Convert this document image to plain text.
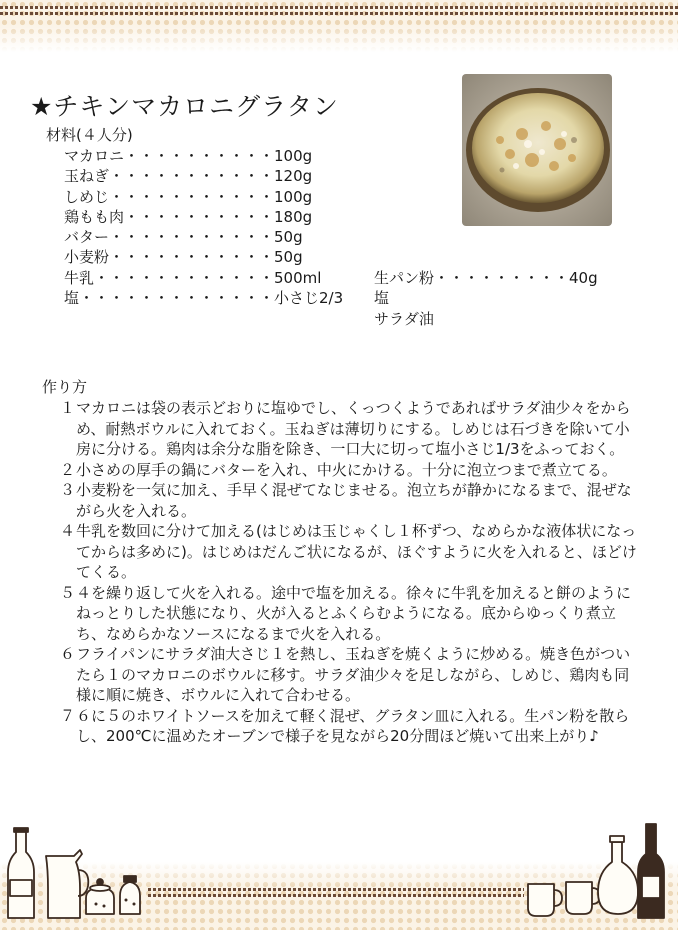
★チキンマカロニグラタン
材料(４人分)
マカロニ・・・・・・・・・・100g
玉ねぎ・・・・・・・・・・・120g
しめじ・・・・・・・・・・・100g
鶏もも肉・・・・・・・・・・180g
バター・・・・・・・・・・・50g
小麦粉・・・・・・・・・・・50g
牛乳・・・・・・・・・・・・500ml
塩・・・・・・・・・・・・・小さじ2/3
生パン粉・・・・・・・・・40g
塩
サラダ油
作り方
１ マカロニは袋の表示どおりに塩ゆでし、くっつくようであればサラダ油少々をからめ、耐熱ボウルに入れておく。玉ねぎは薄切りにする。しめじは石づきを除いて小房に分ける。鶏肉は余分な脂を除き、一口大に切って塩小さじ1/3をふっておく。
２ 小さめの厚手の鍋にバターを入れ、中火にかける。十分に泡立つまで煮立てる。
３ 小麦粉を一気に加え、手早く混ぜてなじませる。泡立ちが静かになるまで、混ぜながら火を入れる。
４ 牛乳を数回に分けて加える(はじめは玉じゃくし１杯ずつ、なめらかな液体状になってからは多めに)。はじめはだんご状になるが、ほぐすように火を入れると、ほどけてくる。
５ ４を繰り返して火を入れる。途中で塩を加える。徐々に牛乳を加えると餅のようにねっとりした状態になり、火が入るとふくらむようになる。底からゆっくり煮立ち、なめらかなソースになるまで火を入れる。
６ フライパンにサラダ油大さじ１を熱し、玉ねぎを焼くように炒める。焼き色がついたら１のマカロニのボウルに移す。サラダ油少々を足しながら、しめじ、鶏肉も同様に順に焼き、ボウルに入れて合わせる。
７ ６に５のホワイトソースを加えて軽く混ぜ、グラタン皿に入れる。生パン粉を散らし、200℃に温めたオーブンで様子を見ながら20分間ほど焼いて出来上がり♪
